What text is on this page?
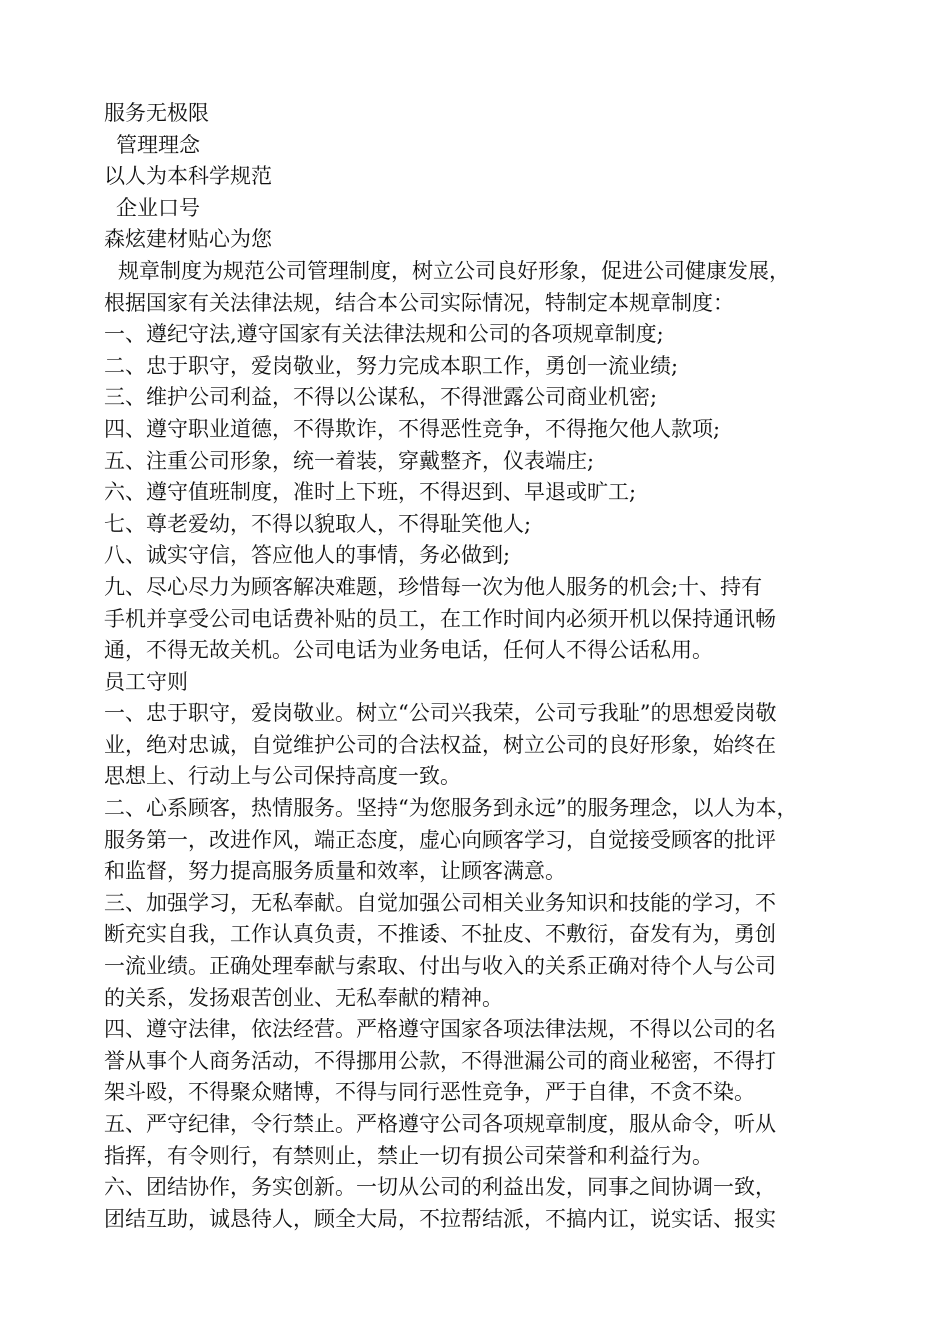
服务无极限

管理理念

以人为本科学规范

企业口号

森炫建材贴心为您

规章制度为规范公司管理制度，树立公司良好形象，促进公司健康发展，

根据国家有关法律法规，结合本公司实际情况，特制定本规章制度：

一、遵纪守法,遵守国家有关法律法规和公司的各项规章制度;

二、忠于职守，爱岗敬业，努力完成本职工作，勇创一流业绩;

三、维护公司利益，不得以公谋私，不得泄露公司商业机密;

四、遵守职业道德，不得欺诈，不得恶性竞争，不得拖欠他人款项;

五、注重公司形象，统一着装，穿戴整齐，仪表端庄;

六、遵守值班制度，准时上下班，不得迟到、早退或旷工;

七、尊老爱幼，不得以貌取人，不得耻笑他人;

八、诚实守信，答应他人的事情，务必做到;

九、尽心尽力为顾客解决难题，珍惜每一次为他人服务的机会;十、持有

手机并享受公司电话费补贴的员工，在工作时间内必须开机以保持通讯畅

通，不得无故关机。公司电话为业务电话，任何人不得公话私用。

员工守则

一、忠于职守，爱岗敬业。树立“公司兴我荣，公司亏我耻”的思想爱岗敬

业，绝对忠诚，自觉维护公司的合法权益，树立公司的良好形象，始终在

思想上、行动上与公司保持高度一致。

二、心系顾客，热情服务。坚持“为您服务到永远”的服务理念，以人为本，

服务第一，改进作风，端正态度，虚心向顾客学习，自觉接受顾客的批评

和监督，努力提高服务质量和效率，让顾客满意。

三、加强学习，无私奉献。自觉加强公司相关业务知识和技能的学习，不

断充实自我，工作认真负责，不推诿、不扯皮、不敷衍，奋发有为，勇创

一流业绩。正确处理奉献与索取、付出与收入的关系正确对待个人与公司

的关系，发扬艰苦创业、无私奉献的精神。

四、遵守法律，依法经营。严格遵守国家各项法律法规，不得以公司的名

誉从事个人商务活动，不得挪用公款，不得泄漏公司的商业秘密，不得打

架斗殴，不得聚众赌博，不得与同行恶性竞争，严于自律，不贪不染。

五、严守纪律，令行禁止。严格遵守公司各项规章制度，服从命令，听从

指挥，有令则行，有禁则止，禁止一切有损公司荣誉和利益行为。

六、团结协作，务实创新。一切从公司的利益出发，同事之间协调一致，

团结互助，诚恳待人，顾全大局，不拉帮结派，不搞内讧，说实话、报实
